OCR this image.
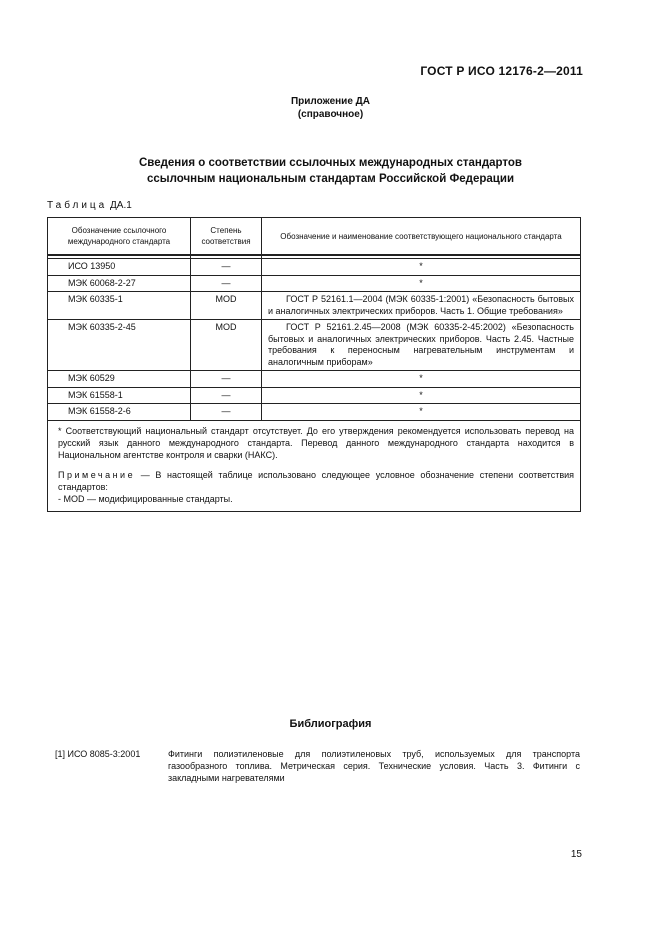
ГОСТ Р ИСО 12176-2—2011
Приложение ДА
(справочное)
Сведения о соответствии ссылочных международных стандартов
ссылочным национальным стандартам Российской Федерации
Таблица ДА.1
Обозначение ссылочного международного стандарта	Степень соответствия	Обозначение и наименование соответствующего национального стандарта

ИСО 13950	—	*
МЭК 60068-2-27	—	*
МЭК 60335-1	MOD	ГОСТ Р 52161.1—2004 (МЭК 60335-1:2001) «Безопасность бытовых и аналогичных электрических приборов. Часть 1. Общие требования»

МЭК 60335-2-45	MOD	ГОСТ Р 52161.2.45—2008 (МЭК 60335-2-45:2002) «Безопасность бытовых и аналогичных электрических приборов. Часть 2.45. Частные требования к переносным нагревательным инструментам и аналогичным приборам»

МЭК 60529	—	*
МЭК 61558-1	—	*
МЭК 61558-2-6	—	*

* Соответствующий национальный стандарт отсутствует. До его утверждения рекомендуется использовать перевод на русский язык данного международного стандарта. Перевод данного международного стандарта находится в Национальном агентстве контроля и сварки (НАКС).

Примечание — В настоящей таблице использовано следующее условное обозначение степени соответствия стандартов:

- MOD — модифицированные стандарты.		

Библиография
[1] ИСО 8085-3:2001	Фитинги полиэтиленовые для полиэтиленовых труб, используемых для транспорта газообразного топлива. Метрическая серия. Технические условия. Часть 3. Фитинги с закладными нагревателями
15
